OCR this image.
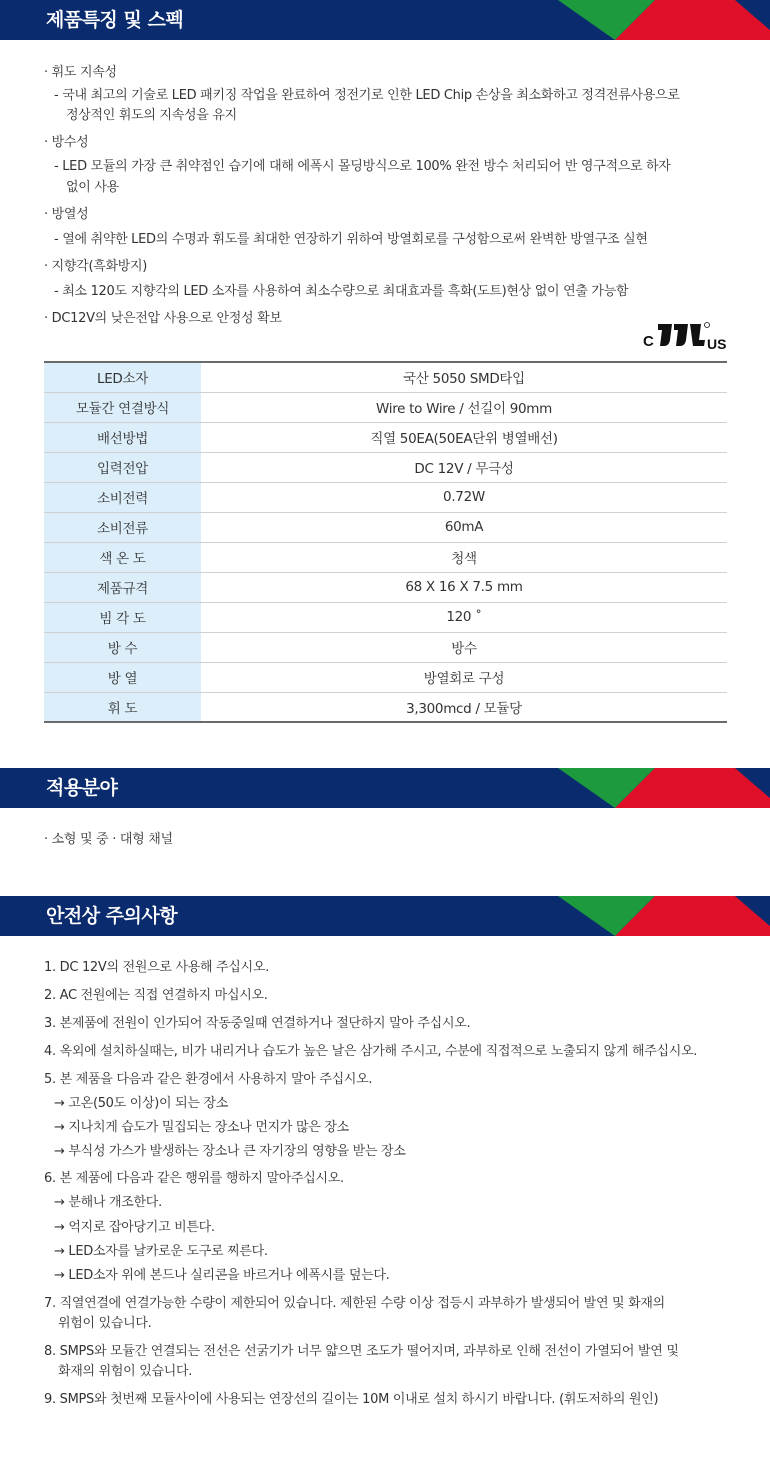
제품특징 및 스펙
· 휘도 지속성
- 국내 최고의 기술로 LED 패키징 작업을 완료하여 정전기로 인한 LED Chip 손상을 최소화하고 정격전류사용으로
정상적인 휘도의 지속성을 유지
· 방수성
- LED 모듈의 가장 큰 취약점인 습기에 대해 에폭시 몰딩방식으로 100% 완전 방수 처리되어 반 영구적으로 하자
없이 사용
· 방열성
- 열에 취약한 LED의 수명과 휘도를 최대한 연장하기 위하여 방열회로를 구성함으로써 완벽한 방열구조 실현
· 지향각(흑화방지)
- 최소 120도 지향각의 LED 소자를 사용하여 최소수량으로 최대효과를 흑화(도트)현상 없이 연출 가능함
· DC12V의 낮은전압 사용으로 안정성 확보
C	US
LED소자	국산 5050 SMD타입
모듈간 연결방식	Wire to Wire / 선길이 90mm
배선방법	직열 50EA(50EA단위 병열배선)
입력전압	DC 12V / 무극성
소비전력	0.72W
소비전류	60mA
색 온 도	청색
제품규격	68 X 16 X 7.5 mm
빔 각 도	120 ˚
방 수	방수
방 열	방열회로 구성
휘 도	3,300mcd / 모듈당
적용분야
· 소형 및 중 · 대형 채널
안전상 주의사항
1. DC 12V의 전원으로 사용해 주십시오.
2. AC 전원에는 직접 연결하지 마십시오.
3. 본제품에 전원이 인가되어 작동중일때 연결하거나 절단하지 말아 주십시오.
4. 옥외에 설치하실때는, 비가 내리거나 습도가 높은 날은 삼가해 주시고, 수분에 직접적으로 노출되지 않게 해주십시오.
5. 본 제품을 다음과 같은 환경에서 사용하지 말아 주십시오.
→ 고온(50도 이상)이 되는 장소
→ 지나치게 습도가 밀집되는 장소나 먼지가 많은 장소
→ 부식성 가스가 발생하는 장소나 큰 자기장의 영향을 받는 장소
6. 본 제품에 다음과 같은 행위를 행하지 말아주십시오.
→ 분해나 개조한다.
→ 억지로 잡아당기고 비튼다.
→ LED소자를 날카로운 도구로 찌른다.
→ LED소자 위에 본드나 실리콘을 바르거나 에폭시를 덮는다.
7. 직열연결에 연결가능한 수량이 제한되어 있습니다. 제한된 수량 이상 접등시 과부하가 발생되어 발연 및 화재의
위험이 있습니다.
8. SMPS와 모듈간 연결되는 전선은 선굵기가 너무 얇으면 조도가 떨어지며, 과부하로 인해 전선이 가열되어 발연 및
화재의 위험이 있습니다.
9. SMPS와 첫번째 모듈사이에 사용되는 연장선의 길이는 10M 이내로 설치 하시기 바랍니다. (휘도저하의 원인)
